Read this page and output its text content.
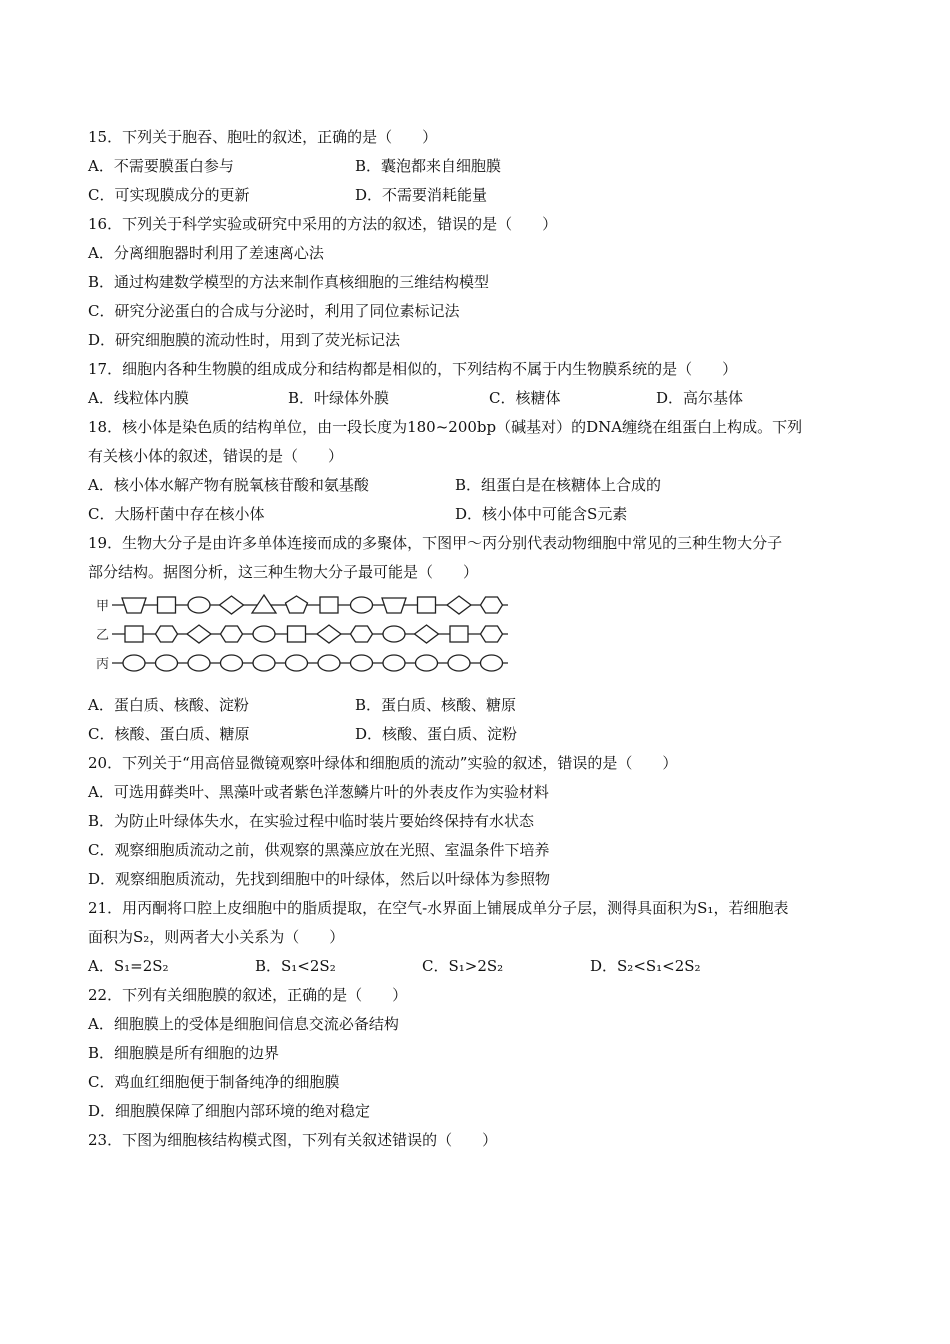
15．下列关于胞吞、胞吐的叙述，正确的是（　　）
A．不需要膜蛋白参与	B．囊泡都来自细胞膜
C．可实现膜成分的更新	D．不需要消耗能量
16．下列关于科学实验或研究中采用的方法的叙述，错误的是（　　）
A．分离细胞器时利用了差速离心法
B．通过构建数学模型的方法来制作真核细胞的三维结构模型
C．研究分泌蛋白的合成与分泌时，利用了同位素标记法
D．研究细胞膜的流动性时，用到了荧光标记法
17．细胞内各种生物膜的组成成分和结构都是相似的，下列结构不属于内生物膜系统的是（　　）
A．线粒体内膜	B．叶绿体外膜	C．核糖体	D．高尔基体
18．核小体是染色质的结构单位，由一段长度为180~200bp（碱基对）的DNA缠绕在组蛋白上构成。下列
有关核小体的叙述，错误的是（　　）
A．核小体水解产物有脱氧核苷酸和氨基酸	B．组蛋白是在核糖体上合成的
C．大肠杆菌中存在核小体	D．核小体中可能含S元素
19．生物大分子是由许多单体连接而成的多聚体，下图甲～丙分别代表动物细胞中常见的三种生物大分子
部分结构。据图分析，这三种生物大分子最可能是（　　）
甲
乙
丙
A．蛋白质、核酸、淀粉	B．蛋白质、核酸、糖原
C．核酸、蛋白质、糖原	D．核酸、蛋白质、淀粉
20．下列关于“用高倍显微镜观察叶绿体和细胞质的流动”实验的叙述，错误的是（　　）
A．可选用藓类叶、黑藻叶或者紫色洋葱鳞片叶的外表皮作为实验材料
B．为防止叶绿体失水，在实验过程中临时装片要始终保持有水状态
C．观察细胞质流动之前，供观察的黑藻应放在光照、室温条件下培养
D．观察细胞质流动，先找到细胞中的叶绿体，然后以叶绿体为参照物
21．用丙酮将口腔上皮细胞中的脂质提取，在空气-水界面上铺展成单分子层，测得具面积为S₁，若细胞表
面积为S₂，则两者大小关系为（　　）
A．S₁=2S₂	B．S₁<2S₂	C．S₁>2S₂	D．S₂<S₁<2S₂
22．下列有关细胞膜的叙述，正确的是（　　）
A．细胞膜上的受体是细胞间信息交流必备结构
B．细胞膜是所有细胞的边界
C．鸡血红细胞便于制备纯净的细胞膜
D．细胞膜保障了细胞内部环境的绝对稳定
23．下图为细胞核结构模式图，下列有关叙述错误的（　　）
